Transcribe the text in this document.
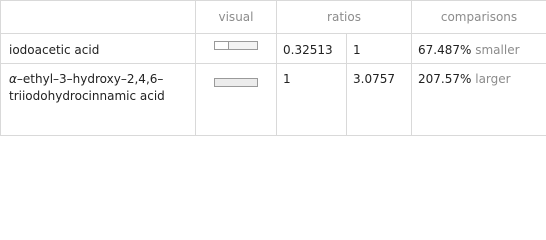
	visual	ratios		comparisons

iodoacetic acid		0.32513	1	67.487% smaller

α–ethyl–3–hydroxy–2,4,6–triiodohydrocinnamic acid		1	3.0757	207.57% larger
